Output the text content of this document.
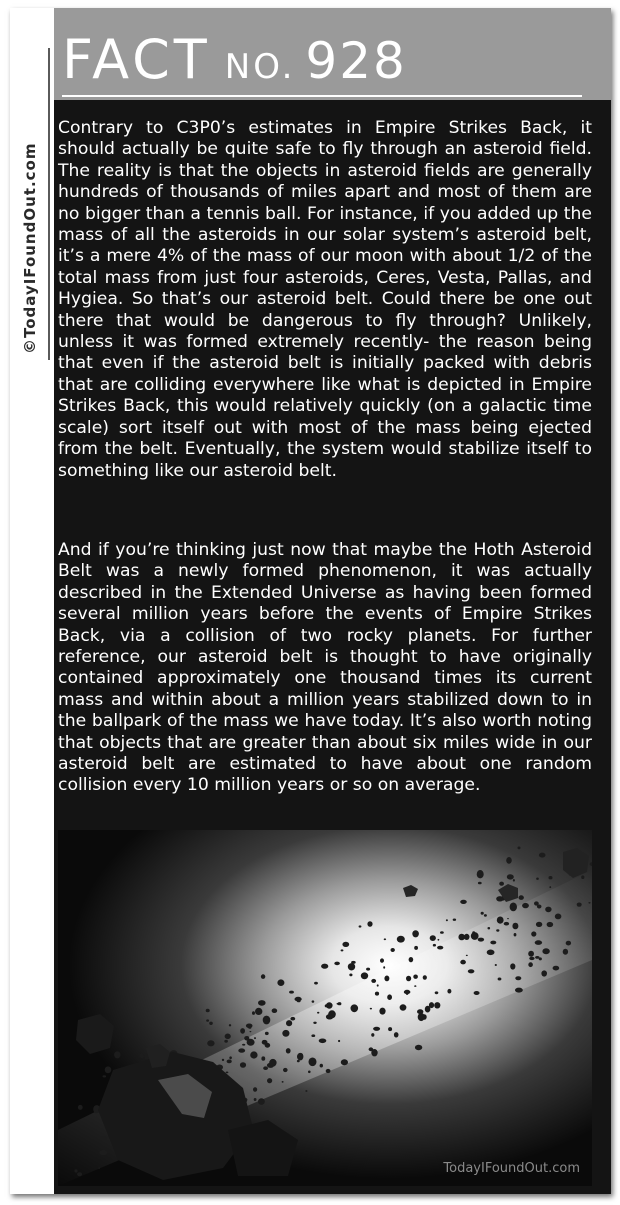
©TodayIFoundOut.com
FACT NO. 928

Contrary to C3P0’s estimates in Empire Strikes Back, it should actually be quite safe to fly through an asteroid field. The reality is that the objects in asteroid fields are generally hundreds of thousands of miles apart and most of them are no bigger than a tennis ball. For instance, if you added up the mass of all the asteroids in our solar system’s asteroid belt, it’s a mere 4% of the mass of our moon with about 1/2 of the total mass from just four asteroids, Ceres, Vesta, Pallas, and Hygiea. So that’s our asteroid belt. Could there be one out there that would be dangerous to fly through? Unlikely, unless it was formed extremely recently- the reason being that even if the asteroid belt is initially packed with debris that are colliding everywhere like what is depicted in Empire Strikes Back, this would relatively quickly (on a galactic time scale) sort itself out with most of the mass being ejected from the belt. Eventually, the system would stabilize itself to something like our asteroid belt.

And if you’re thinking just now that maybe the Hoth Asteroid Belt was a newly formed phenomenon, it was actually described in the Extended Universe as having been formed several million years before the events of Empire Strikes Back, via a collision of two rocky planets. For further reference, our asteroid belt is thought to have originally contained approximately one thousand times its current mass and within about a million years stabilized down to in the ballpark of the mass we have today. It’s also worth noting that objects that are greater than about six miles wide in our asteroid belt are estimated to have about one random collision every 10 million years or so on average.

TodayIFoundOut.com
